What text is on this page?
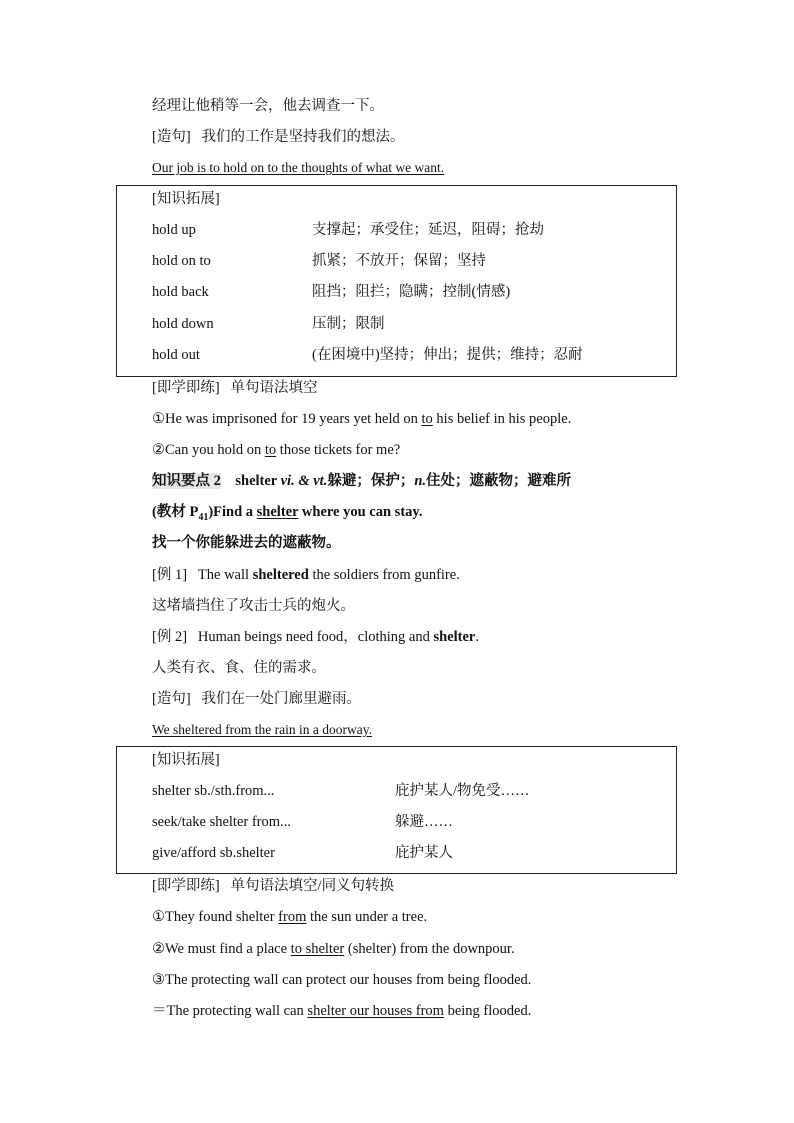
经理让他稍等一会，他去调查一下。
[造句] 我们的工作是坚持我们的想法。
Our job is to hold on to the thoughts of what we want.
[知识拓展]
hold up	支撑起；承受住；延迟，阻碍；抢劫
hold on to	抓紧；不放开；保留；坚持
hold back	阻挡；阻拦；隐瞒；控制(情感)
hold down	压制；限制
hold out	(在困境中)坚持；伸出；提供；维持；忍耐
[即学即练] 单句语法填空
①He was imprisoned for 19 years yet held on to his belief in his people.
②Can you hold on to those tickets for me?
知识要点 2 shelter vi. & vt.躲避；保护；n.住处；遮蔽物；避难所
(教材 $P_{41})Find$ a shelter where you can stay.
找一个你能躲进去的遮蔽物。
[例 1] The wall sheltered the soldiers from gunfire.
这堵墙挡住了攻击士兵的炮火。
[例 2] Human beings need food，clothing and shelter.
人类有衣、食、住的需求。
[造句] 我们在一处门廊里避雨。
We sheltered from the rain in a doorway.
[知识拓展]
shelter sb./sth.from...	庇护某人/物免受……
seek/take shelter from...	躲避……
give/afford sb.shelter	庇护某人
[即学即练] 单句语法填空/同义句转换
①They found shelter from the sun under a tree.
②We must find a place to shelter (shelter) from the downpour.
③The protecting wall can protect our houses from being flooded.
＝The protecting wall can shelter our houses from being flooded.
